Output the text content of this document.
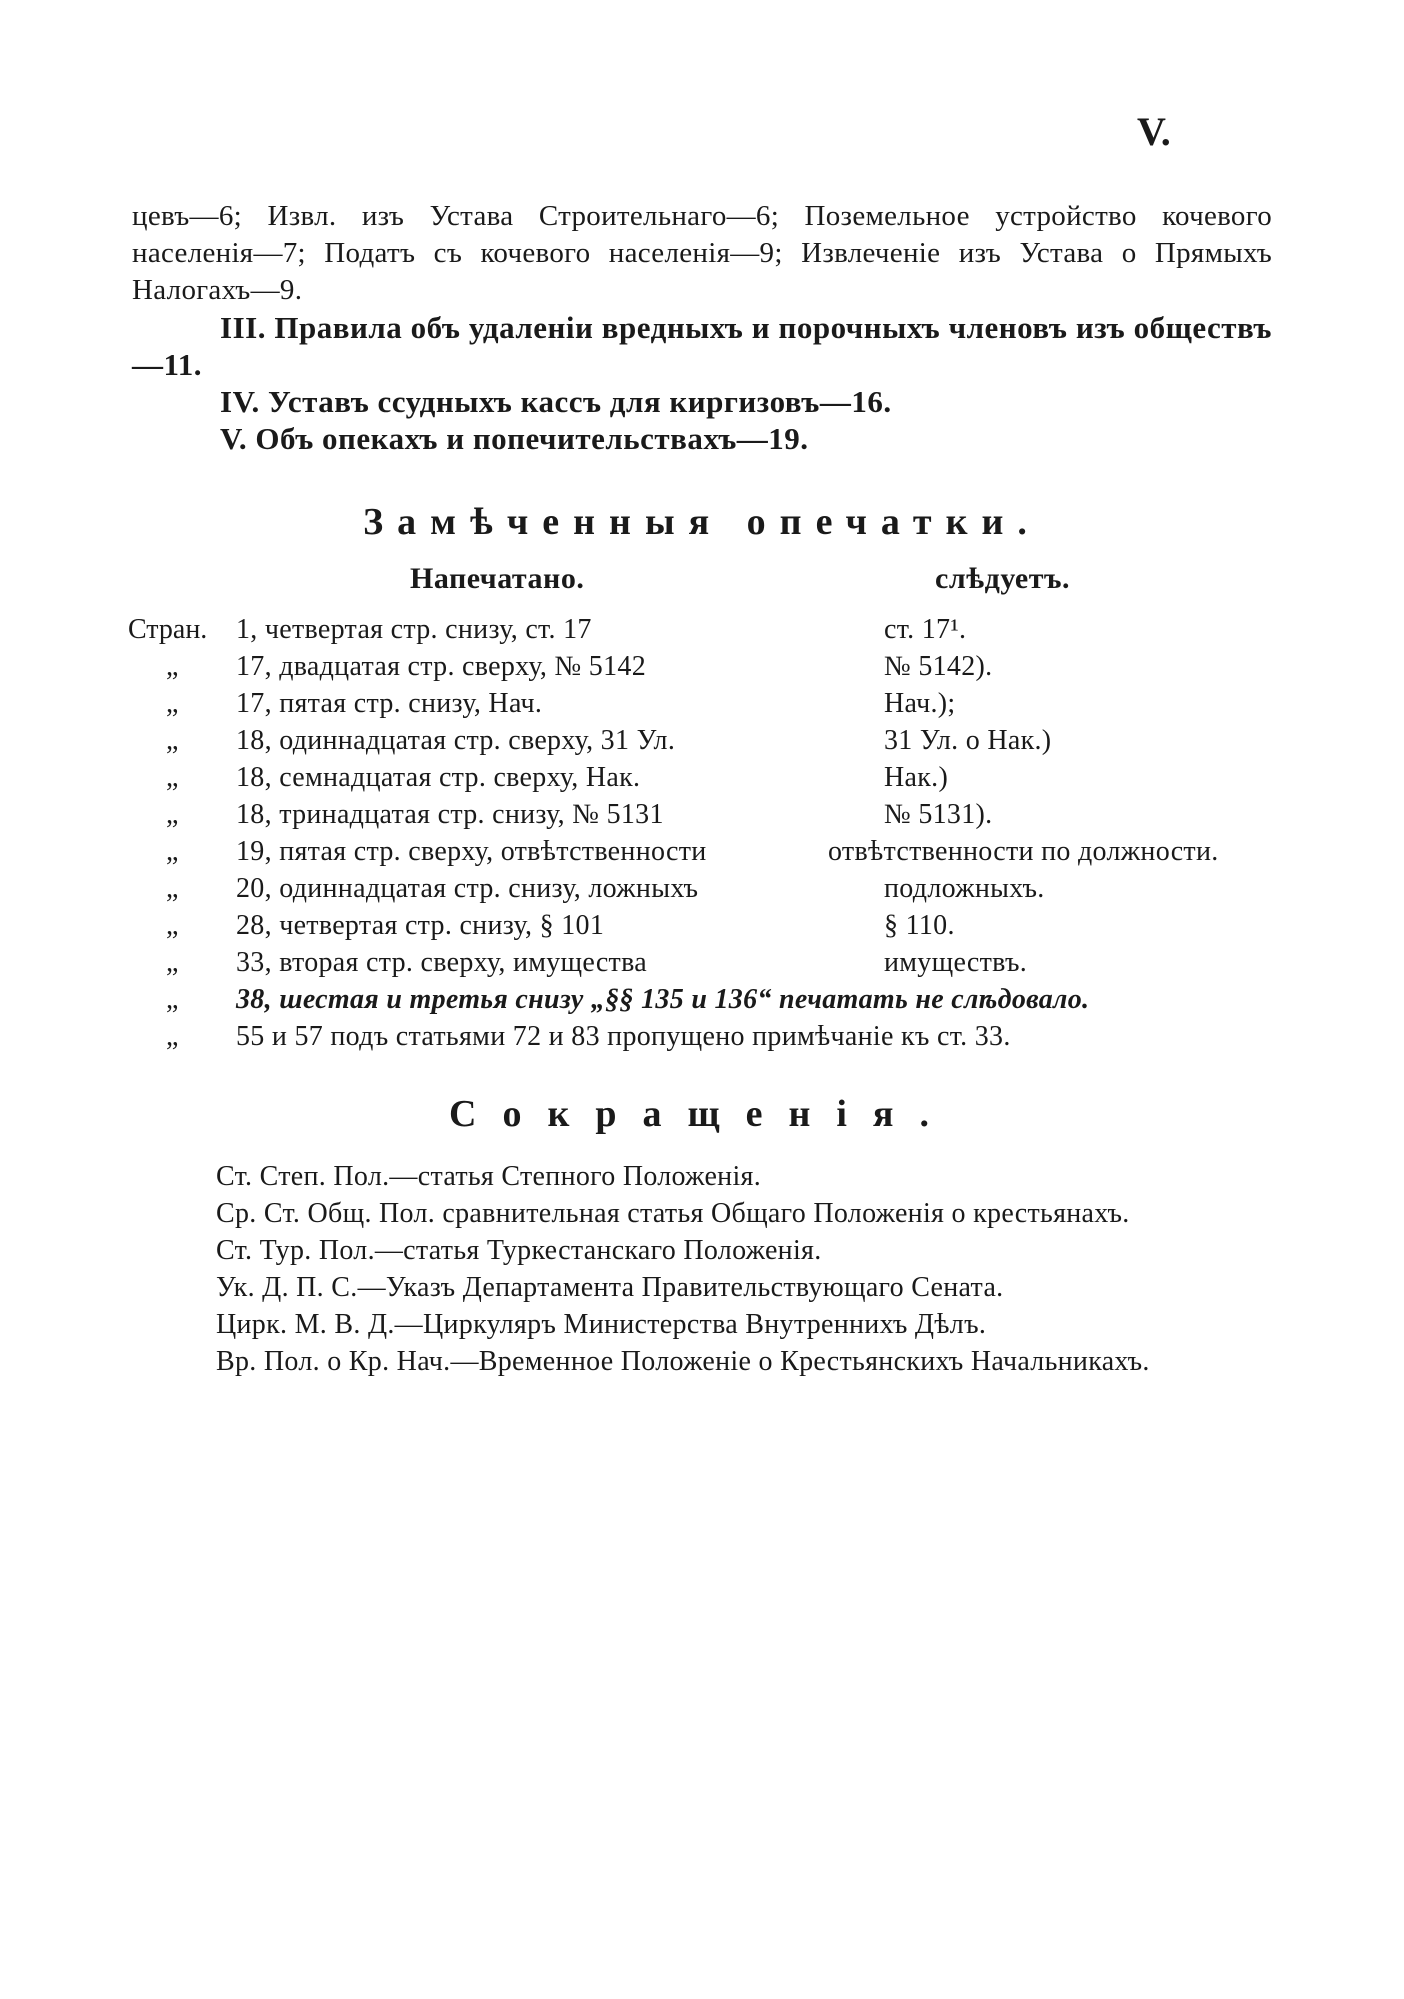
V.

цевъ—6; Извл. изъ Устава Строительнаго—6; Поземельное устройство кочевого населенія—7; Податъ съ кочевого населенія—9; Извлеченіе изъ Устава о Прямыхъ Налогахъ—9.

III. Правила объ удаленіи вредныхъ и порочныхъ членовъ изъ обществъ—11.

IV. Уставъ ссудныхъ кассъ для киргизовъ—16.

V. Объ опекахъ и попечительствахъ—19.

Замѣченныя опечатки.
Напечатано.	слѣдуетъ.
Стран. 1, четвертая стр. снизу, ст. 17	ст. 17¹.
„ 17, двадцатая стр. сверху, № 5142	№ 5142).
„ 17, пятая стр. снизу, Нач.	Нач.);
„ 18, одиннадцатая стр. сверху, 31 Ул.	31 Ул. о Нак.)
„ 18, семнадцатая стр. сверху, Нак.	Нак.)
„ 18, тринадцатая стр. снизу, № 5131	№ 5131).
„ 19, пятая стр. сверху, отвѣтственности	отвѣтственности по должности.
„ 20, одиннадцатая стр. снизу, ложныхъ	подложныхъ.
„ 28, четвертая стр. снизу, § 101	§ 110.
„ 33, вторая стр. сверху, имущества	имуществъ.
„ 38, шестая и третья снизу „§§ 135 и 136“ печатать не слѣдовало.
„ 55 и 57 подъ статьями 72 и 83 пропущено примѣчаніе къ ст. 33.
Сокращенія.
Ст. Степ. Пол.—статья Степного Положенія.
Ср. Ст. Общ. Пол. сравнительная статья Общаго Положенія о крестьянахъ.
Ст. Тур. Пол.—статья Туркестанскаго Положенія.
Ук. Д. П. С.—Указъ Департамента Правительствующаго Сената.
Цирк. М. В. Д.—Циркуляръ Министерства Внутреннихъ Дѣлъ.
Вр. Пол. о Кр. Нач.—Временное Положеніе о Крестьянскихъ Начальникахъ.
